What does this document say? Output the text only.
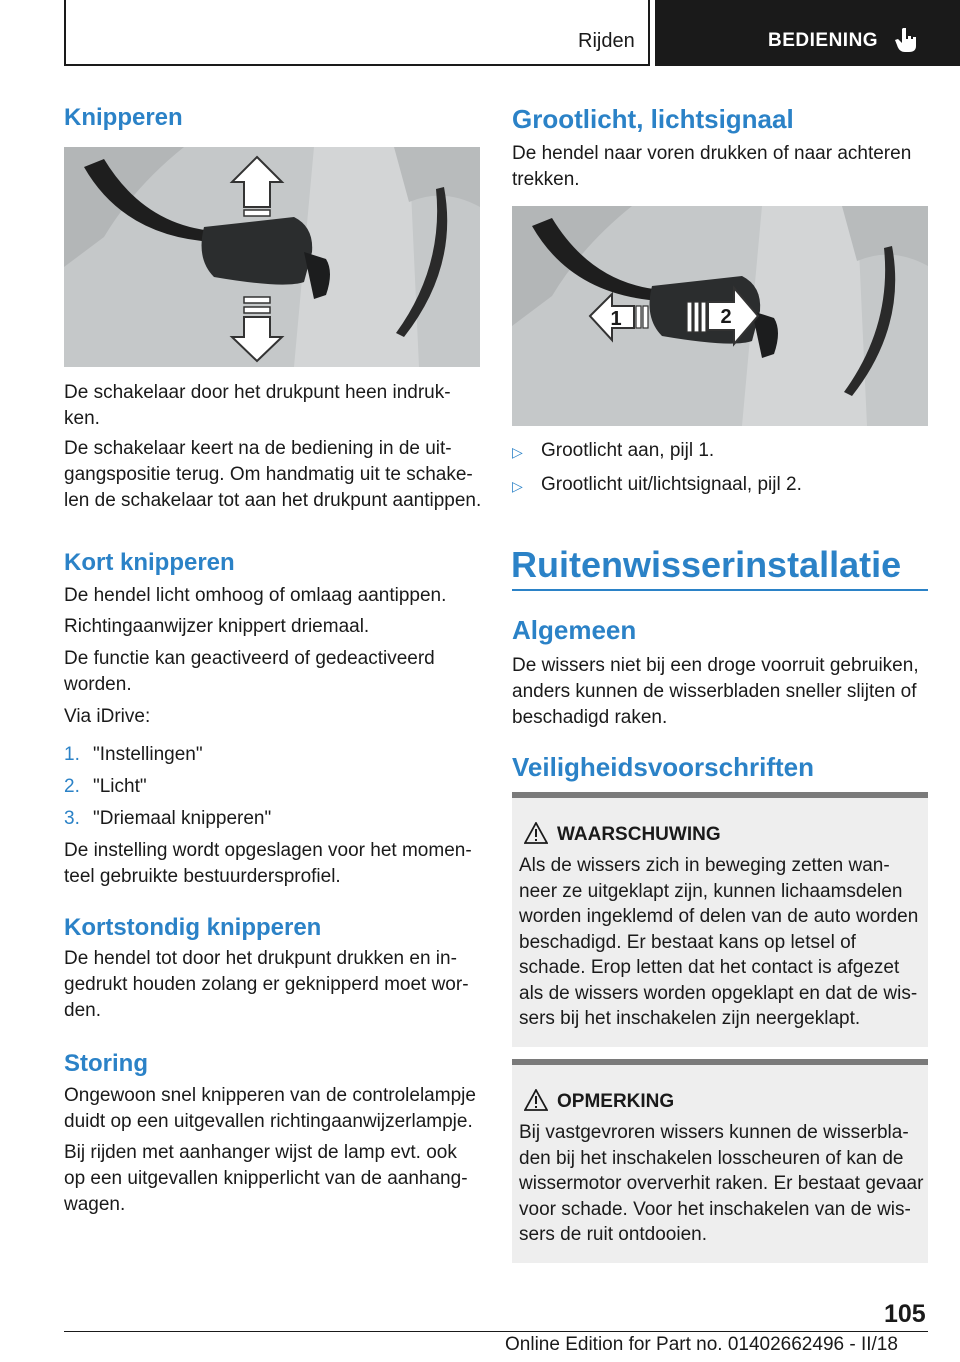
Rijden	BEDIENING
Knipperen
De schakelaar door het drukpunt heen indruk-
ken.
De schakelaar keert na de bediening in de uit-
gangspositie terug. Om handmatig uit te schake-
len de schakelaar tot aan het drukpunt aantippen.
Kort knipperen
De hendel licht omhoog of omlaag aantippen.
Richtingaanwijzer knippert driemaal.
De functie kan geactiveerd of gedeactiveerd
worden.
Via iDrive:
1. "Instellingen"
2. "Licht"
3. "Driemaal knipperen"
De instelling wordt opgeslagen voor het momen-
teel gebruikte bestuurdersprofiel.
Kortstondig knipperen
De hendel tot door het drukpunt drukken en in-
gedrukt houden zolang er geknipperd moet wor-
den.
Storing
Ongewoon snel knipperen van de controlelampje
duidt op een uitgevallen richtingaanwijzerlampje.
Bij rijden met aanhanger wijst de lamp evt. ook
op een uitgevallen knipperlicht van de aanhang-
wagen.
Grootlicht, lichtsignaal
De hendel naar voren drukken of naar achteren
trekken.
1	2
▷ Grootlicht aan, pijl 1.
▷ Grootlicht uit/lichtsignaal, pijl 2.
Ruitenwisserinstallatie
Algemeen
De wissers niet bij een droge voorruit gebruiken,
anders kunnen de wisserbladen sneller slijten of
beschadigd raken.
Veiligheidsvoorschriften
WAARSCHUWING
Als de wissers zich in beweging zetten wan-
neer ze uitgeklapt zijn, kunnen lichaamsdelen
worden ingeklemd of delen van de auto worden
beschadigd. Er bestaat kans op letsel of
schade. Erop letten dat het contact is afgezet
als de wissers worden opgeklapt en dat de wis-
sers bij het inschakelen zijn neergeklapt.
OPMERKING
Bij vastgevroren wissers kunnen de wisserbla-
den bij het inschakelen losscheuren of kan de
wissermotor oververhit raken. Er bestaat gevaar
voor schade. Voor het inschakelen van de wis-
sers de ruit ontdooien.
105
Online Edition for Part no. 01402662496 - II/18
